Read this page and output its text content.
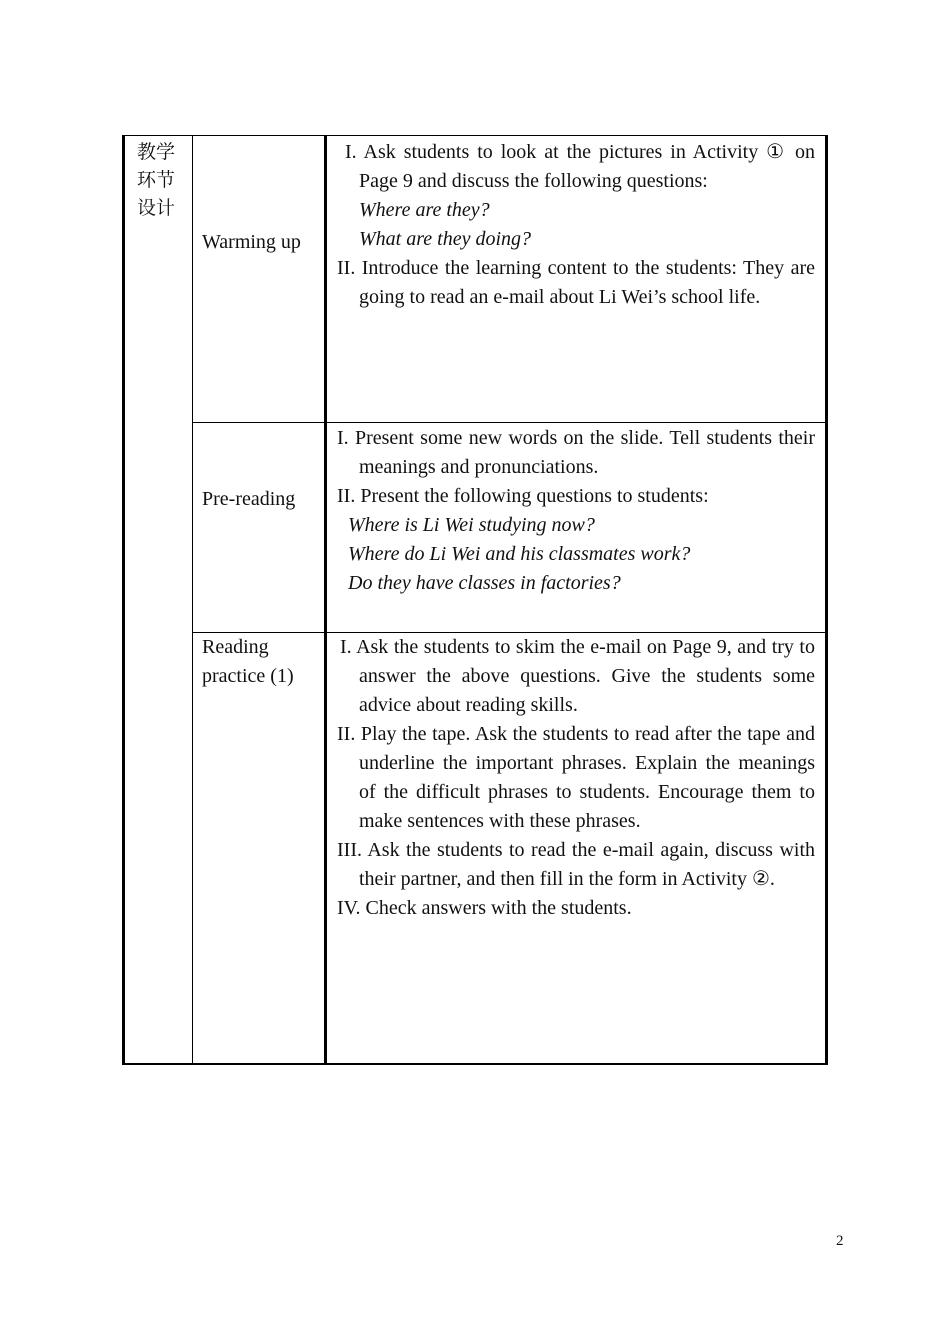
教学环节设计	Warming up	I. Ask students to look at the pictures in Activity ① on Page 9 and discuss the following questions:

Where are they?

What are they doing?

II. Introduce the learning content to the students: They are going to read an e-mail about Li Wei’s school life.

	Pre-reading	I. Present some new words on the slide. Tell students their meanings and pronunciations.

II. Present the following questions to students:

Where is Li Wei studying now?

Where do Li Wei and his classmates work?

Do they have classes in factories?

	Reading practice (1)	I. Ask the students to skim the e-mail on Page 9, and try to answer the above questions. Give the students some advice about reading skills.

II. Play the tape. Ask the students to read after the tape and underline the important phrases. Explain the meanings of the difficult phrases to students. Encourage them to make sentences with these phrases.

III. Ask the students to read the e-mail again, discuss with their partner, and then fill in the form in Activity ②.

IV. Check answers with the students.

2
